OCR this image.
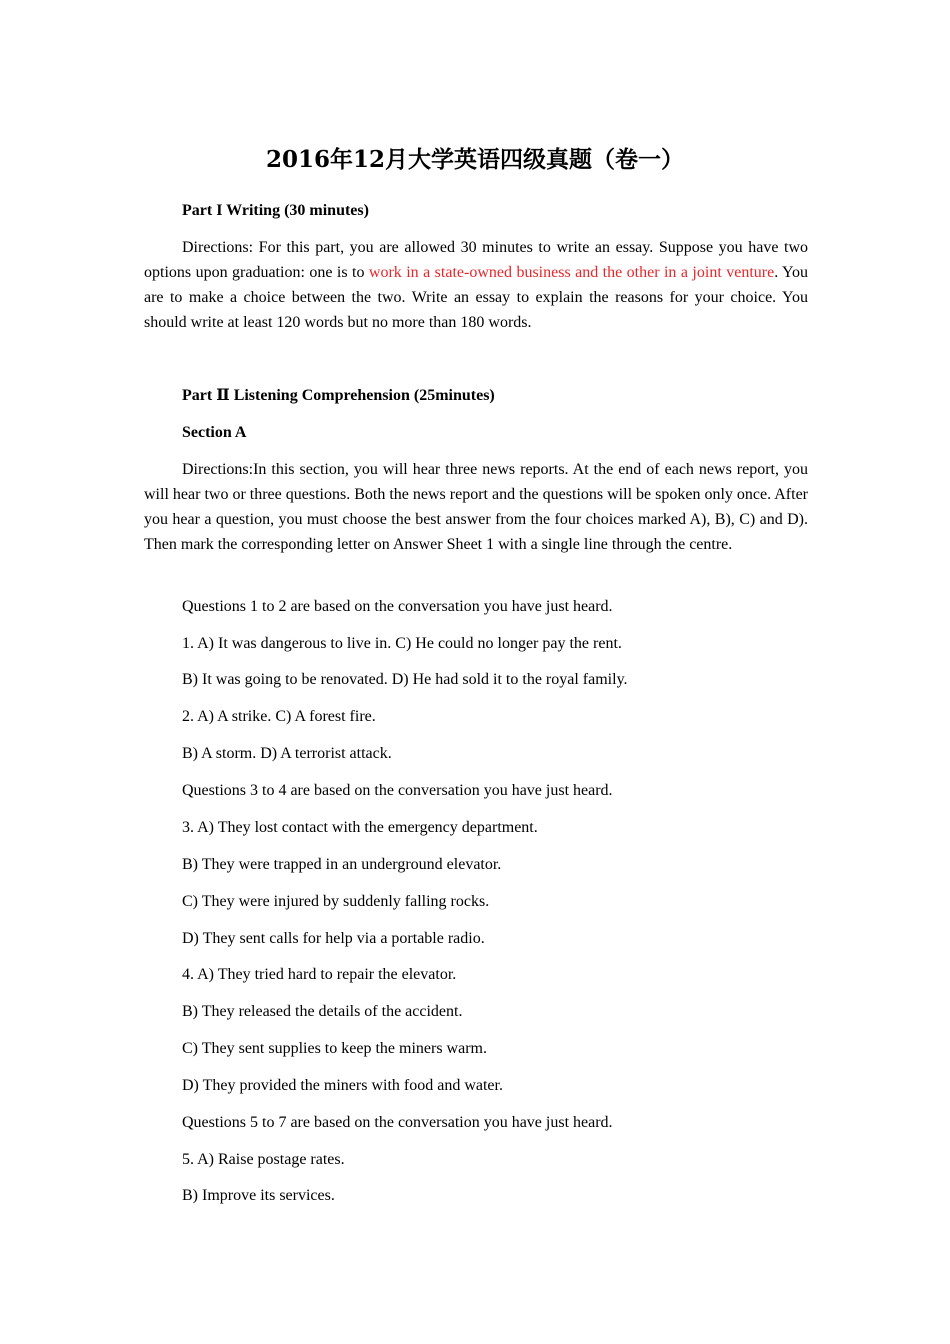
2016年12月大学英语四级真题（卷一）
Part I Writing (30 minutes)
Directions: For this part, you are allowed 30 minutes to write an essay. Suppose you have two options upon graduation: one is to work in a state-owned business and the other in a joint venture. You are to make a choice between the two. Write an essay to explain the reasons for your choice. You should write at least 120 words but no more than 180 words.
Part Ⅱ Listening Comprehension (25minutes)
Section A
Directions:In this section, you will hear three news reports. At the end of each news report, you will hear two or three questions. Both the news report and the questions will be spoken only once. After you hear a question, you must choose the best answer from the four choices marked A), B), C) and D). Then mark the corresponding letter on Answer Sheet 1 with a single line through the centre.
Questions 1 to 2 are based on the conversation you have just heard.
1. A) It was dangerous to live in. C) He could no longer pay the rent.
B) It was going to be renovated. D) He had sold it to the royal family.
2. A) A strike. C) A forest fire.
B) A storm. D) A terrorist attack.
Questions 3 to 4 are based on the conversation you have just heard.
3. A) They lost contact with the emergency department.
B) They were trapped in an underground elevator.
C) They were injured by suddenly falling rocks.
D) They sent calls for help via a portable radio.
4. A) They tried hard to repair the elevator.
B) They released the details of the accident.
C) They sent supplies to keep the miners warm.
D) They provided the miners with food and water.
Questions 5 to 7 are based on the conversation you have just heard.
5. A) Raise postage rates.
B) Improve its services.
